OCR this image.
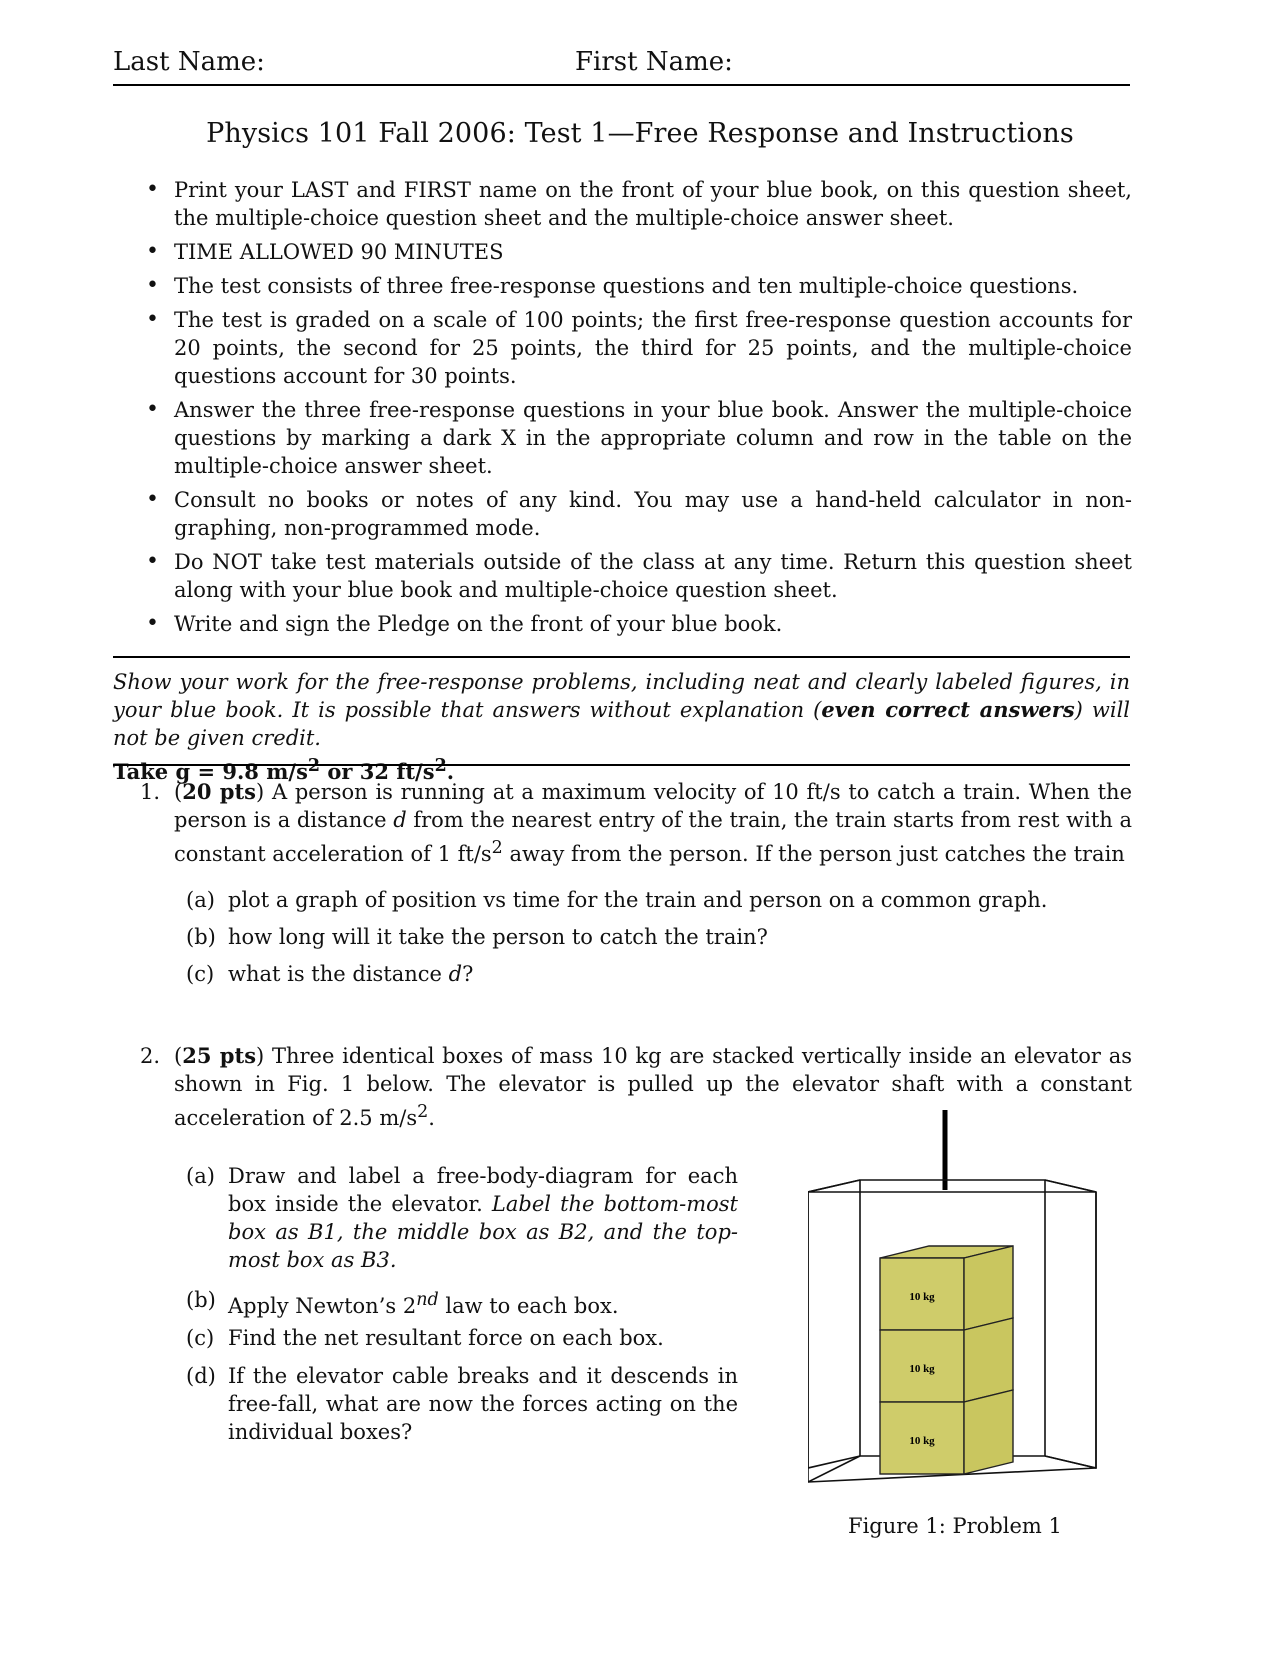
Last Name:	First Name:
Physics 101 Fall 2006: Test 1—Free Response and Instructions
• Print your LAST and FIRST name on the front of your blue book, on this question sheet, the multiple-choice question sheet and the multiple-choice answer sheet.
• TIME ALLOWED 90 MINUTES
• The test consists of three free-response questions and ten multiple-choice questions.
• The test is graded on a scale of 100 points; the first free-response question accounts for 20 points, the second for 25 points, the third for 25 points, and the multiple-choice questions account for 30 points.
• Answer the three free-response questions in your blue book. Answer the multiple-choice questions by marking a dark X in the appropriate column and row in the table on the multiple-choice answer sheet.
• Consult no books or notes of any kind. You may use a hand-held calculator in non-graphing, non-programmed mode.
• Do NOT take test materials outside of the class at any time. Return this question sheet along with your blue book and multiple-choice question sheet.
• Write and sign the Pledge on the front of your blue book.
Show your work for the free-response problems, including neat and clearly labeled figures, in your blue book. It is possible that answers without explanation (even correct answers) will not be given credit.
Take g = 9.8 $m/s^2$ or 32 $ft/s^2$.
1. (20 pts) A person is running at a maximum velocity of 10 ft/s to catch a train. When the person is a distance d from the nearest entry of the train, the train starts from rest with a constant acceleration of 1 $ft/s^2$ away from the person. If the person just catches the train
(a) plot a graph of position vs time for the train and person on a common graph.
(b) how long will it take the person to catch the train?
(c) what is the distance d?
2. (25 pts) Three identical boxes of mass 10 kg are stacked vertically inside an elevator as shown in Fig. 1 below. The elevator is pulled up the elevator shaft with a constant acceleration of 2.5 $m/s^2$.
(a) Draw and label a free-body-diagram for each box inside the elevator. Label the bottom-most box as B1, the middle box as B2, and the top-most box as B3.
(b) Apply Newton’s 2nd law to each box.
(c) Find the net resultant force on each box.
(d) If the elevator cable breaks and it descends in free-fall, what are now the forces acting on the individual boxes?
10 kg
10 kg
10 kg
Figure 1: Problem 1
